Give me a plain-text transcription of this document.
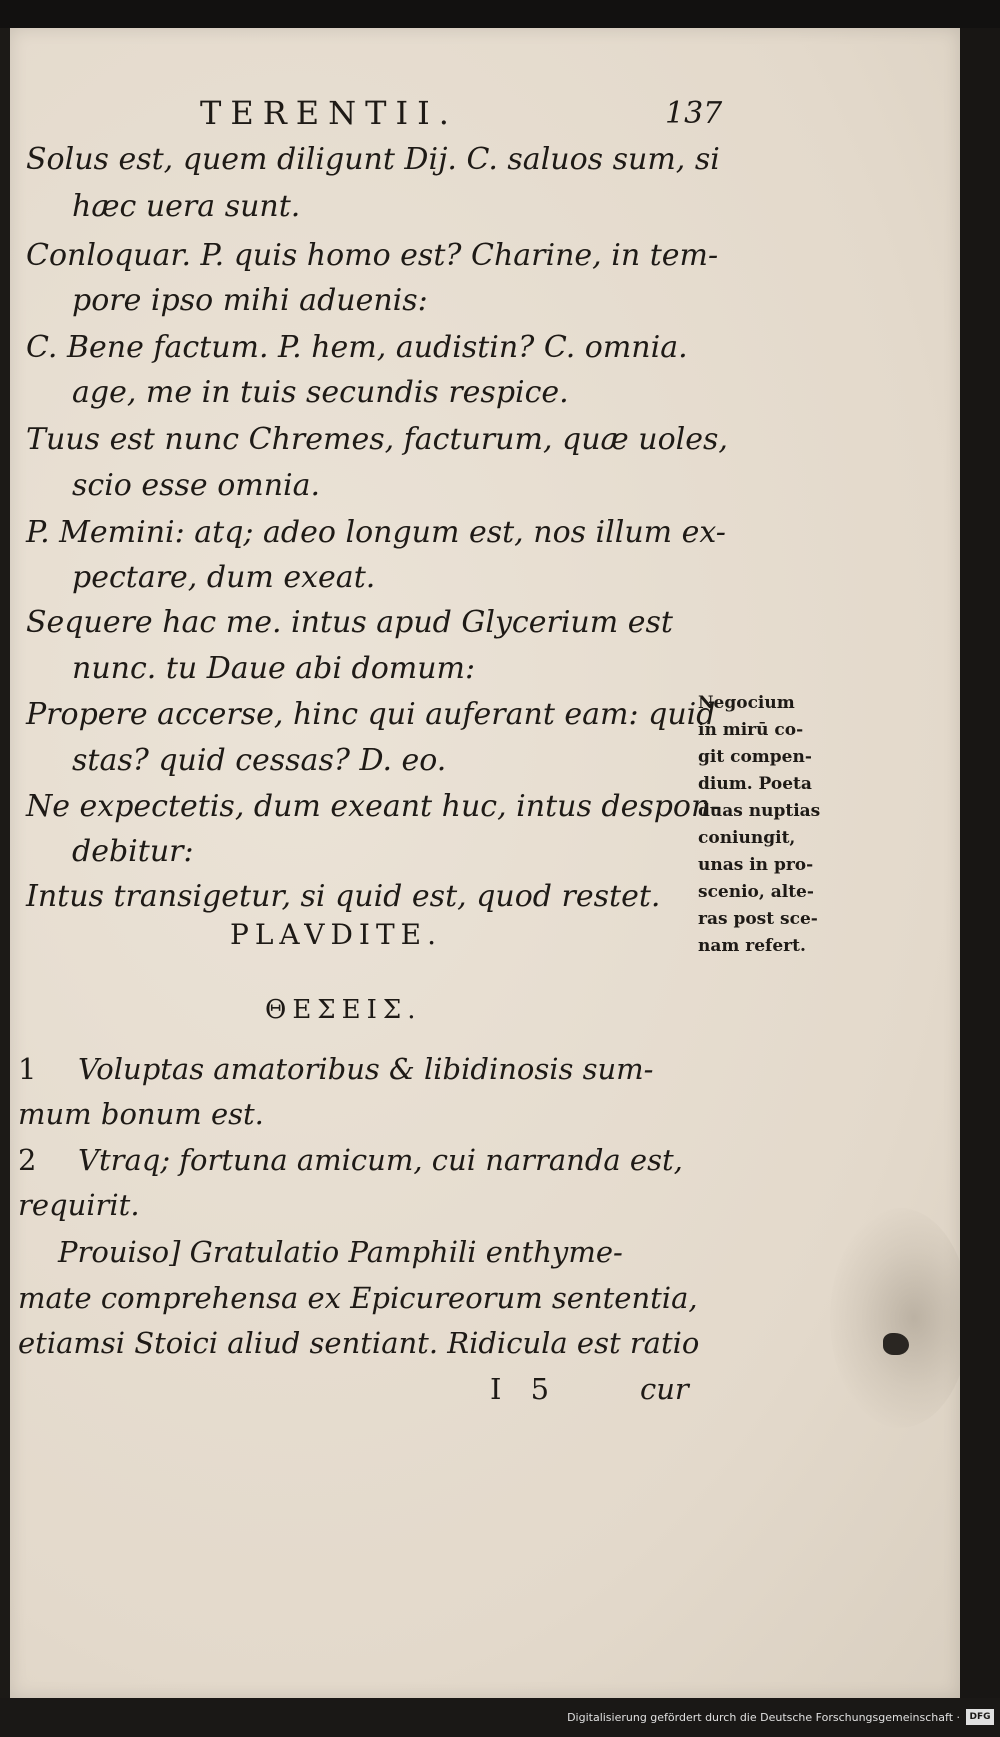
TERENTII.	137
Solus est, quem diligunt Dij. C. saluos sum, si
hæc uera sunt.
Conloquar. P. quis homo est? Charine, in tem-
pore ipso mihi aduenis:
C. Bene factum. P. hem, audistin? C. omnia.
age, me in tuis secundis respice.
Tuus est nunc Chremes, facturum, quæ uoles,
scio esse omnia.
P. Memini: atq; adeo longum est, nos illum ex-
pectare, dum exeat.
Sequere hac me. intus apud Glycerium est
nunc. tu Daue abi domum:
Propere accerse, hinc qui auferant eam: quid
stas? quid cessas? D. eo.
Ne expectetis, dum exeant huc, intus despon-
debitur:
Intus transigetur, si quid est, quod restet.
PLAVDITE.
Negocium
in mirū co-
git compen-
dium. Poeta
duas nuptias
coniungit,
unas in pro-
scenio, alte-
ras post sce-
nam refert.
ΘΕΣΕΙΣ.
1 Voluptas amatoribus & libidinosis sum-
mum bonum est.
2 Vtraq; fortuna amicum, cui narranda est,
requirit.
Prouiso] Gratulatio Pamphili enthyme-
mate comprehensa ex Epicureorum sententia,
etiamsi Stoici aliud sentiant. Ridicula est ratio
I 5	cur
Digitalisierung gefördert durch die Deutsche Forschungsgemeinschaft ·	DFG
